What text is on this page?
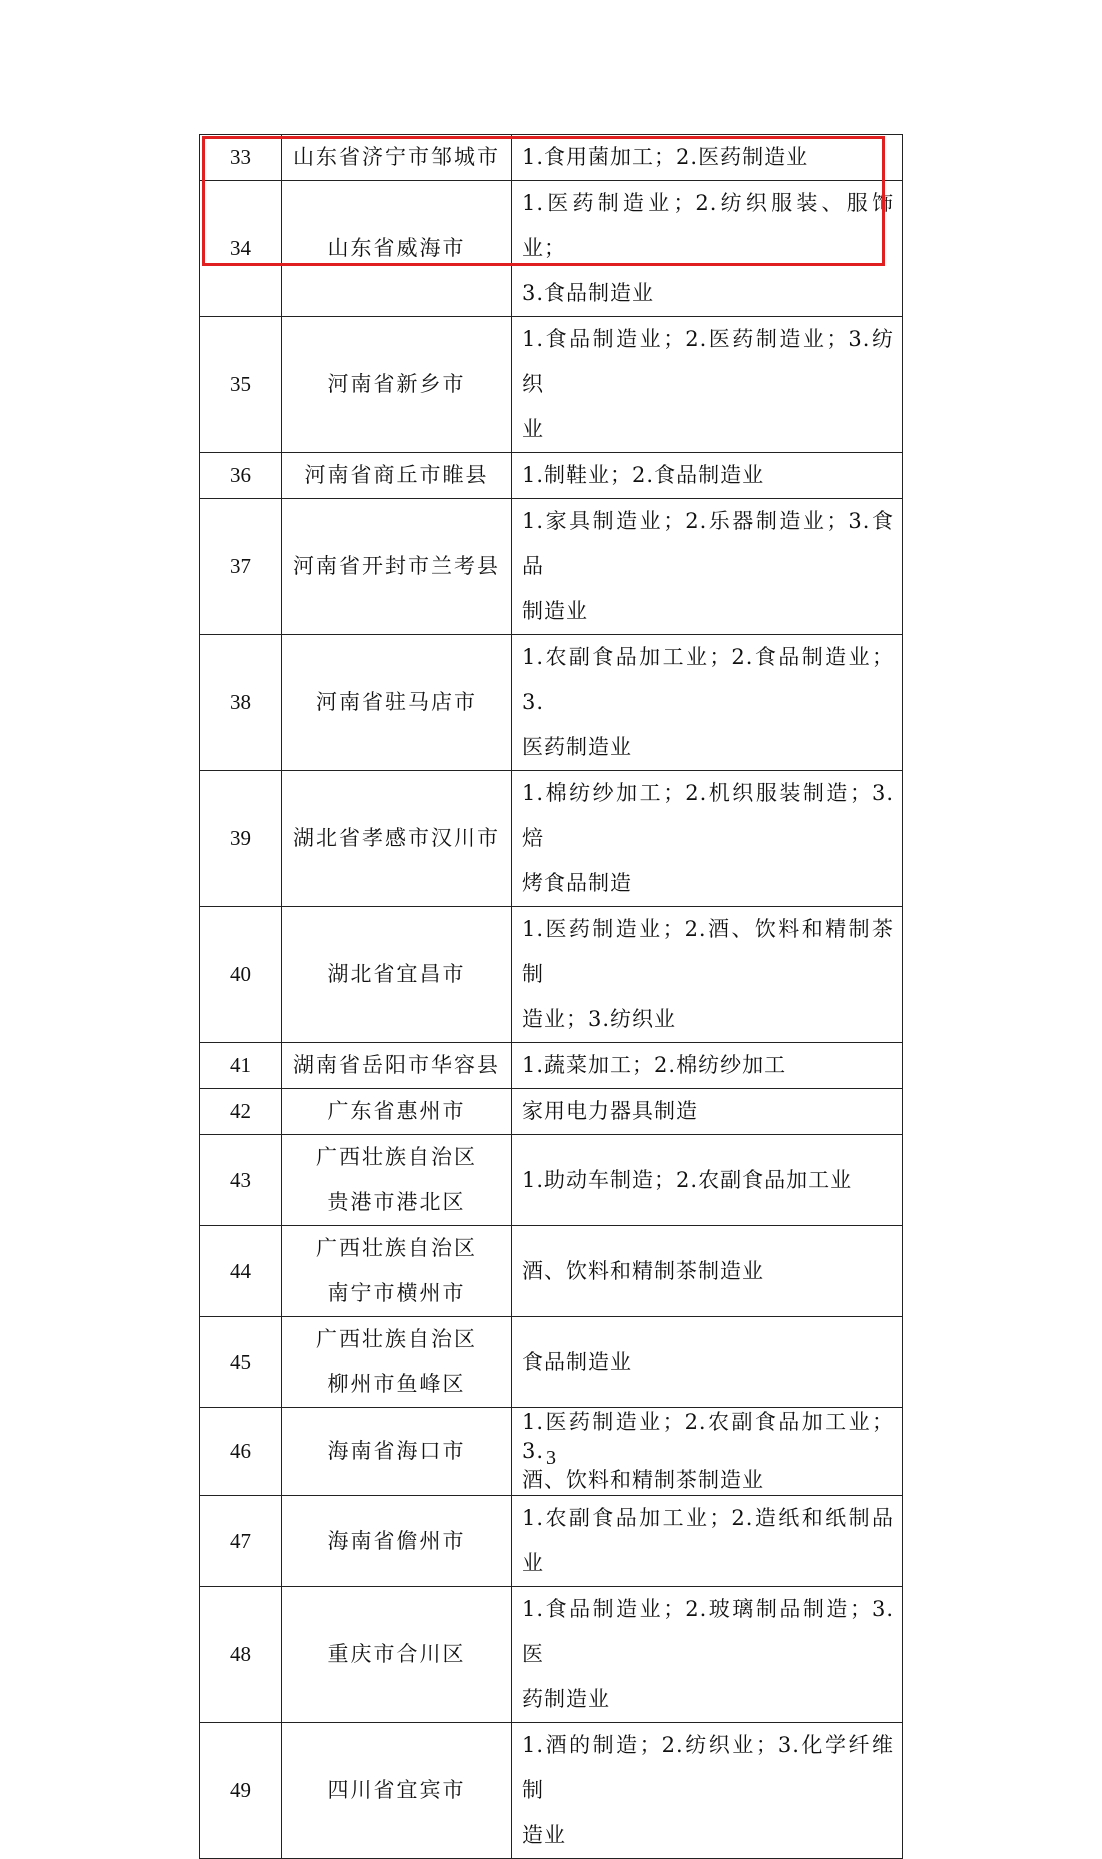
33	山东省济宁市邹城市	1.食用菌加工；2.医药制造业

34	山东省威海市	1.医药制造业；2.纺织服装、服饰业；
3.食品制造业

35	河南省新乡市	1.食品制造业；2.医药制造业；3.纺织
业

36	河南省商丘市睢县	1.制鞋业；2.食品制造业

37	河南省开封市兰考县	1.家具制造业；2.乐器制造业；3.食品
制造业

38	河南省驻马店市	1.农副食品加工业；2.食品制造业；3.
医药制造业

39	湖北省孝感市汉川市	1.棉纺纱加工；2.机织服装制造；3.焙
烤食品制造

40	湖北省宜昌市	1.医药制造业；2.酒、饮料和精制茶制
造业；3.纺织业

41	湖南省岳阳市华容县	1.蔬菜加工；2.棉纺纱加工

42	广东省惠州市	家用电力器具制造

43	广西壮族自治区
贵港市港北区	1.助动车制造；2.农副食品加工业

44	广西壮族自治区
南宁市横州市	酒、饮料和精制茶制造业

45	广西壮族自治区
柳州市鱼峰区	食品制造业

46	海南省海口市	1.医药制造业；2.农副食品加工业；3.
酒、饮料和精制茶制造业

47	海南省儋州市	1.农副食品加工业；2.造纸和纸制品业

48	重庆市合川区	1.食品制造业；2.玻璃制品制造；3.医
药制造业

49	四川省宜宾市	1.酒的制造；2.纺织业；3.化学纤维制
造业
3
